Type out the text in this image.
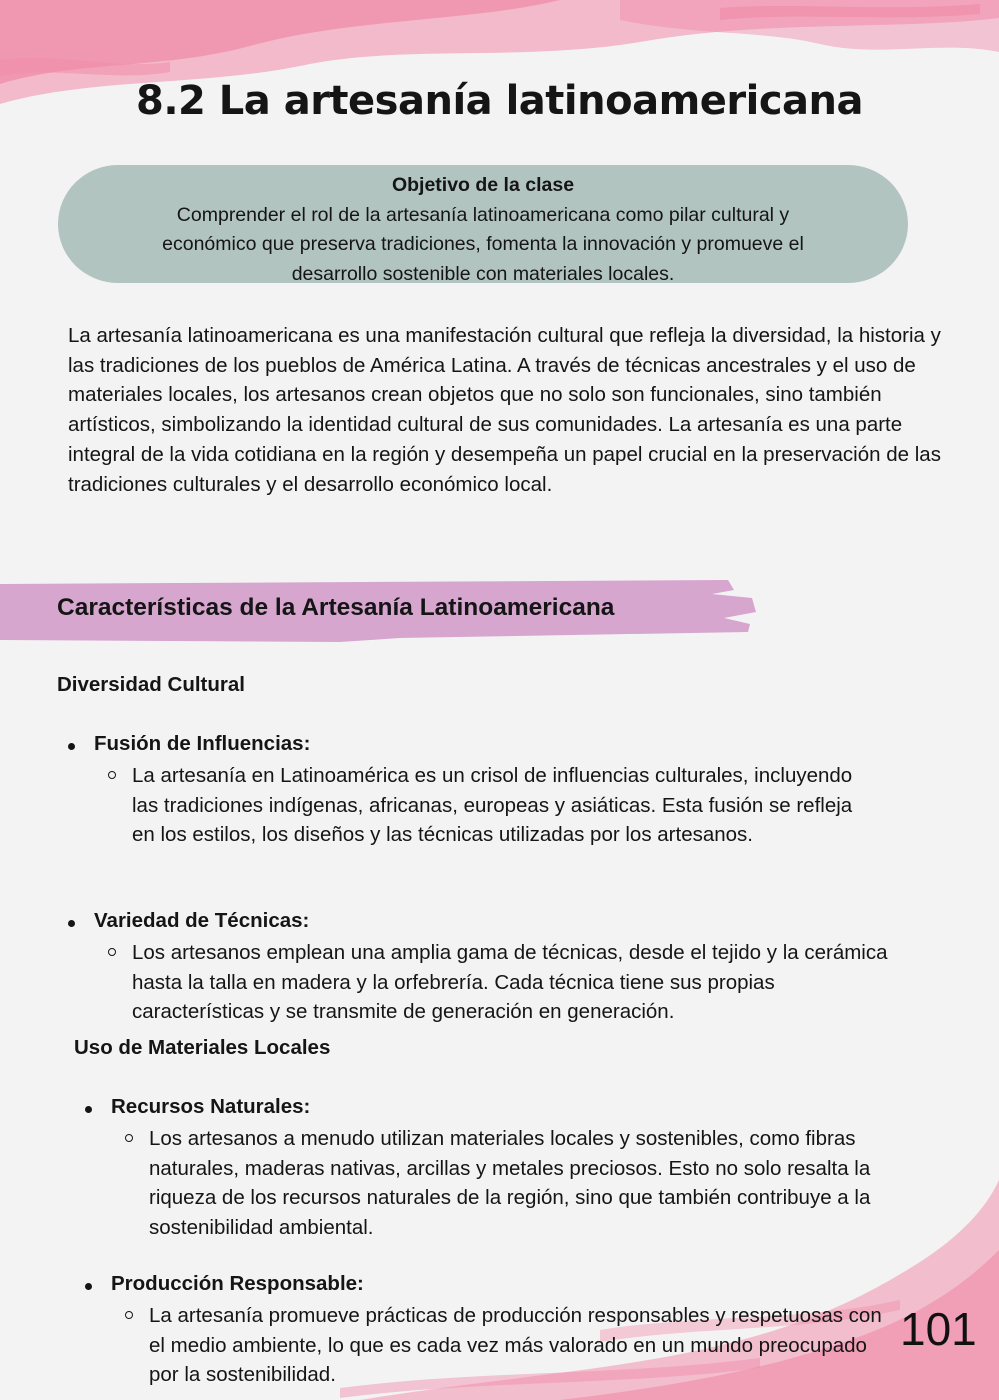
8.2 La artesanía latinoamericana
Objetivo de la clase
Comprender el rol de la artesanía latinoamericana como pilar cultural y
económico que preserva tradiciones, fomenta la innovación y promueve el
desarrollo sostenible con materiales locales.

La artesanía latinoamericana es una manifestación cultural que refleja la diversidad, la historia y las tradiciones de los pueblos de América Latina. A través de técnicas ancestrales y el uso de materiales locales, los artesanos crean objetos que no solo son funcionales, sino también artísticos, simbolizando la identidad cultural de sus comunidades. La artesanía es una parte integral de la vida cotidiana en la región y desempeña un papel crucial en la preservación de las tradiciones culturales y el desarrollo económico local.

Características de la Artesanía Latinoamericana
Diversidad Cultural
Fusión de Influencias:

La artesanía en Latinoamérica es un crisol de influencias culturales, incluyendo las tradiciones indígenas, africanas, europeas y asiáticas. Esta fusión se refleja en los estilos, los diseños y las técnicas utilizadas por los artesanos.

Variedad de Técnicas:

Los artesanos emplean una amplia gama de técnicas, desde el tejido y la cerámica hasta la talla en madera y la orfebrería. Cada técnica tiene sus propias características y se transmite de generación en generación.

Uso de Materiales Locales
Recursos Naturales:

Los artesanos a menudo utilizan materiales locales y sostenibles, como fibras naturales, maderas nativas, arcillas y metales preciosos. Esto no solo resalta la riqueza de los recursos naturales de la región, sino que también contribuye a la sostenibilidad ambiental.

Producción Responsable:

La artesanía promueve prácticas de producción responsables y respetuosas con el medio ambiente, lo que es cada vez más valorado en un mundo preocupado por la sostenibilidad.

101
